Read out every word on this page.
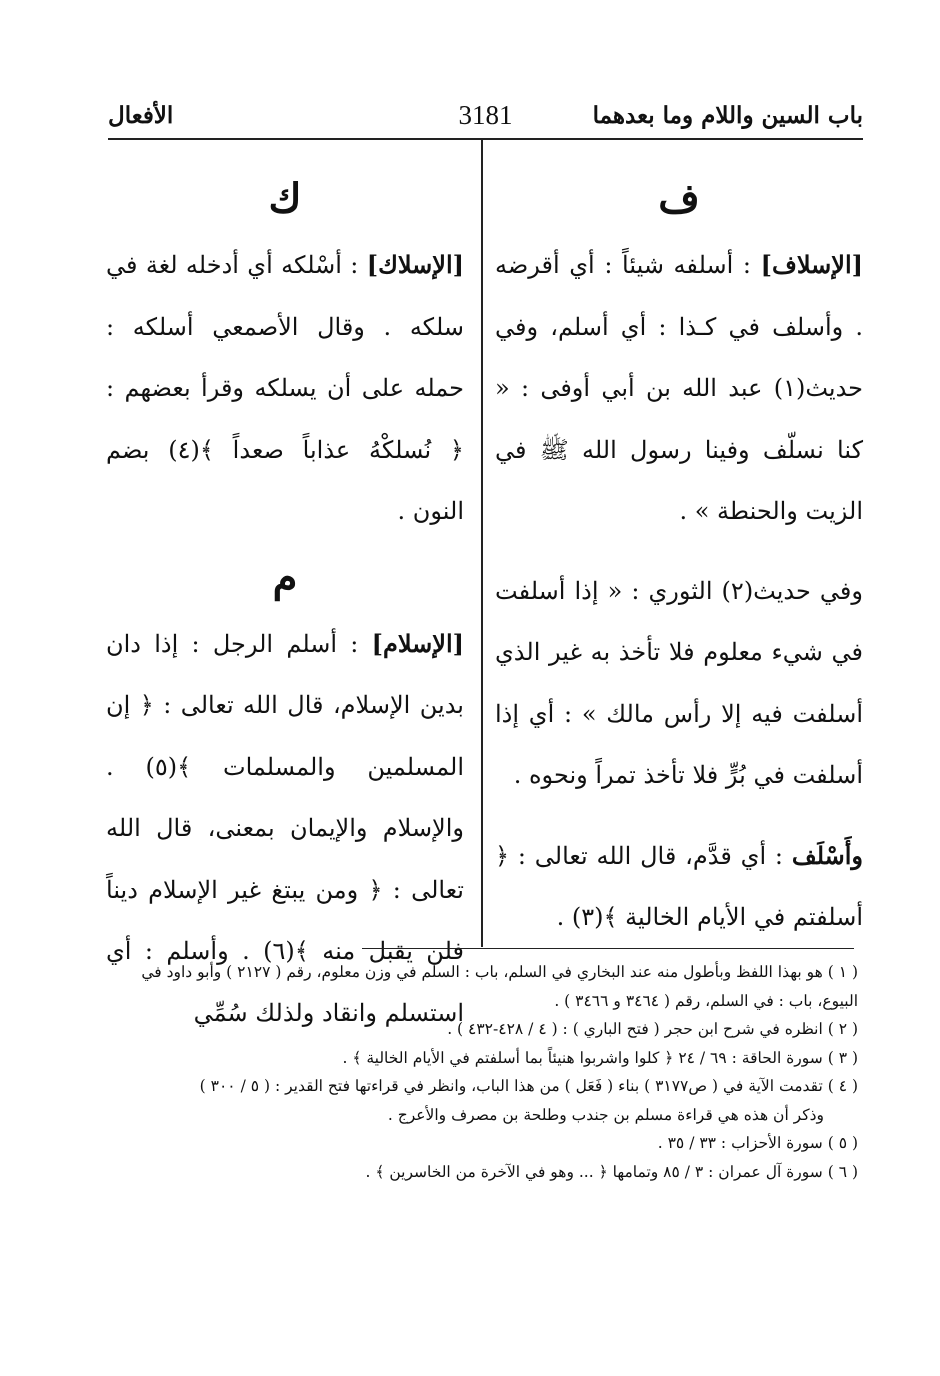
باب السين واللام وما بعدهما
3181
الأفعال
ف

[الإسلاف] : أسلفه شيئاً : أي أقرضه . وأسلف في كـذا : أي أسلم، وفي حديث(١) عبد الله بن أبي أوفى : « كنا نسلّف وفينا رسول الله ﷺ في الزيت والحنطة » .

وفي حديث(٢) الثوري : « إذا أسلفت في شيء معلوم فلا تأخذ به غير الذي أسلفت فيه إلا رأس مالك » : أي إذا أسلفت في بُرٍّ فلا تأخذ تمراً ونحوه .

وأَسْلَف : أي قدَّم، قال الله تعالى : ﴿ أسلفتم في الأيام الخالية ﴾(٣) .

ك

[الإسلاك] : أسْلكه أي أدخله لغة في سلكه . وقال الأصمعي أسلكه : حمله على أن يسلكه وقرأ بعضهم : ﴿ نُسلكْهُ عذاباً صعداً ﴾(٤) بضم النون .

م

[الإسلام] : أسلم الرجل : إذا دان بدين الإسلام، قال الله تعالى : ﴿ إن المسلمين والمسلمات ﴾(٥) . والإسلام والإيمان بمعنى، قال الله تعالى : ﴿ ومن يبتغ غير الإسلام ديناً فلن يقبل منه ﴾(٦) . وأسلم : أي استسلم وانقاد ولذلك سُمِّي

( ١ ) هو بهذا اللفظ وبأطول منه عند البخاري في السلم، باب : السلم في وزن معلوم، رقم ( ٢١٢٧ ) وأبو داود في البيوع، باب : في السلم، رقم ( ٣٤٦٤ و ٣٤٦٦ ) .

( ٢ ) انظره في شرح ابن حجر ( فتح الباري ) : ( ٤ / ٤٢٨-٤٣٢ ) .

( ٣ ) سورة الحاقة : ٦٩ / ٢٤ ﴿ كلوا واشربوا هنيئاً بما أسلفتم في الأيام الخالية ﴾ .

( ٤ ) تقدمت الآية في ( ص٣١٧٧ ) بناء ( فَعَل ) من هذا الباب، وانظر في قراءتها فتح القدير : ( ٥ / ٣٠٠ )

وذكر أن هذه هي قراءة مسلم بن جندب وطلحة بن مصرف والأعرج .

( ٥ ) سورة الأحزاب : ٣٣ / ٣٥ .

( ٦ ) سورة آل عمران : ٣ / ٨٥ وتمامها ﴿ ... وهو في الآخرة من الخاسرين ﴾ .
